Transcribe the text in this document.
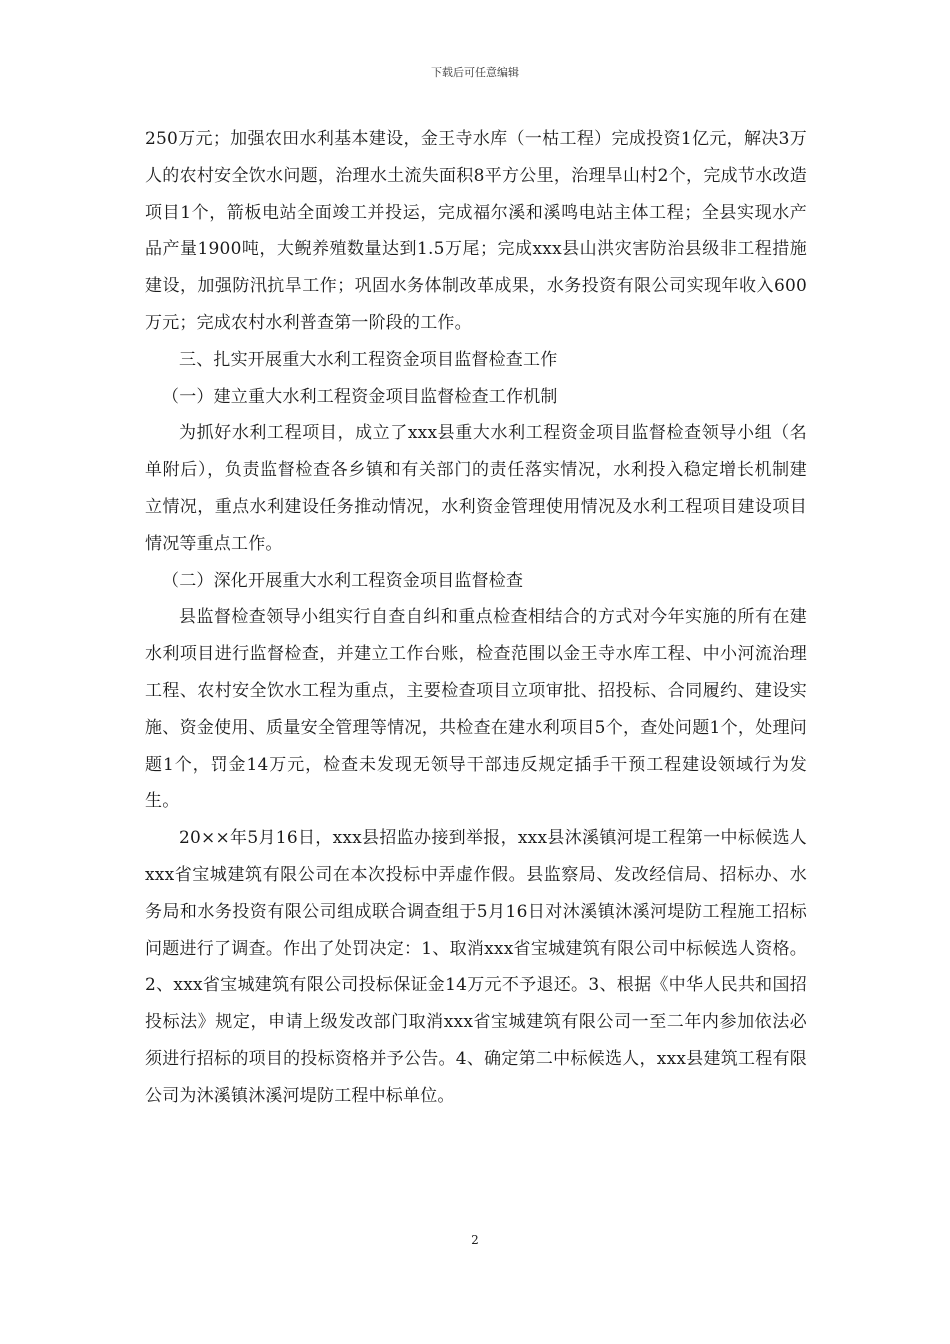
下载后可任意编辑

250万元；加强农田水利基本建设，金王寺水库（一枯工程）完成投资1亿元，解决3万人的农村安全饮水问题，治理水土流失面积8平方公里，治理旱山村2个，完成节水改造项目1个，箭板电站全面竣工并投运，完成福尔溪和溪鸣电站主体工程；全县实现水产品产量1900吨，大鲵养殖数量达到1.5万尾；完成xxx县山洪灾害防治县级非工程措施建设，加强防汛抗旱工作；巩固水务体制改革成果，水务投资有限公司实现年收入600万元；完成农村水利普查第一阶段的工作。

三、扎实开展重大水利工程资金项目监督检查工作

（一）建立重大水利工程资金项目监督检查工作机制

为抓好水利工程项目，成立了xxx县重大水利工程资金项目监督检查领导小组（名单附后），负责监督检查各乡镇和有关部门的责任落实情况，水利投入稳定增长机制建立情况，重点水利建设任务推动情况，水利资金管理使用情况及水利工程项目建设项目情况等重点工作。

（二）深化开展重大水利工程资金项目监督检查

县监督检查领导小组实行自查自纠和重点检查相结合的方式对今年实施的所有在建水利项目进行监督检查，并建立工作台账，检查范围以金王寺水库工程、中小河流治理工程、农村安全饮水工程为重点，主要检查项目立项审批、招投标、合同履约、建设实施、资金使用、质量安全管理等情况，共检查在建水利项目5个，查处问题1个，处理问题1个，罚金14万元，检查未发现无领导干部违反规定插手干预工程建设领域行为发生。

20××年5月16日，xxx县招监办接到举报，xxx县沐溪镇河堤工程第一中标候选人xxx省宝城建筑有限公司在本次投标中弄虚作假。县监察局、发改经信局、招标办、水务局和水务投资有限公司组成联合调查组于5月16日对沐溪镇沐溪河堤防工程施工招标问题进行了调查。作出了处罚决定：1、取消xxx省宝城建筑有限公司中标候选人资格。2、xxx省宝城建筑有限公司投标保证金14万元不予退还。3、根据《中华人民共和国招投标法》规定，申请上级发改部门取消xxx省宝城建筑有限公司一至二年内参加依法必须进行招标的项目的投标资格并予公告。4、确定第二中标候选人，xxx县建筑工程有限公司为沐溪镇沐溪河堤防工程中标单位。

2
